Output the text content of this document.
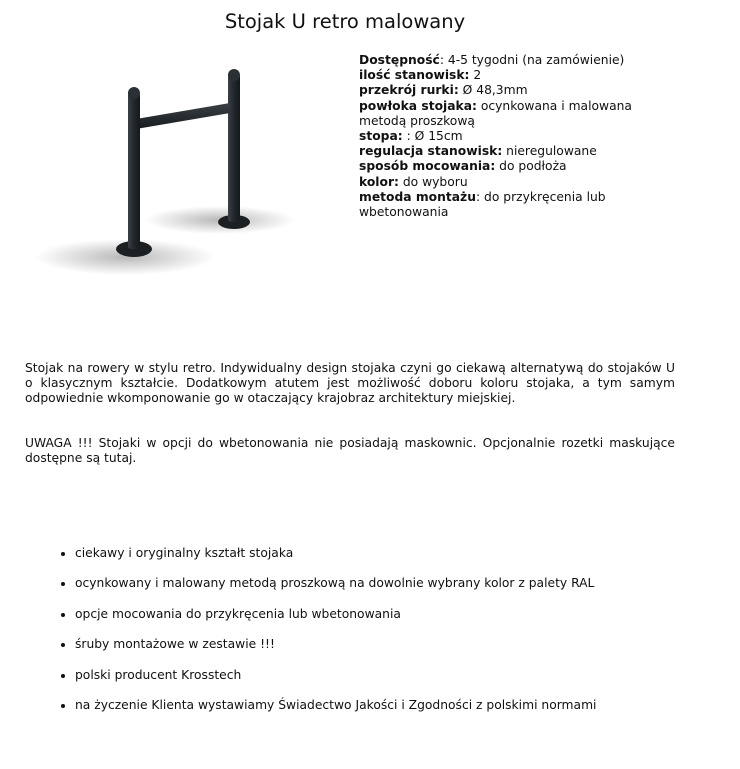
Stojak U retro malowany

Dostępność: 4-5 tygodni (na zamówienie)

ilość stanowisk: 2

przekrój rurki: Ø 48,3mm

powłoka stojaka: ocynkowana i malowana metodą proszkową

stopa: : Ø 15cm

regulacja stanowisk: nieregulowane

sposób mocowania: do podłoża

kolor: do wyboru

metoda montażu: do przykręcenia lub wbetonowania

Stojak na rowery w stylu retro. Indywidualny design stojaka czyni go ciekawą alternatywą do stojaków U o klasycznym kształcie. Dodatkowym atutem jest możliwość doboru koloru stojaka, a tym samym odpowiednie wkomponowanie go w otaczający krajobraz architektury miejskiej.

UWAGA !!! Stojaki w opcji do wbetonowania nie posiadają maskownic. Opcjonalnie rozetki maskujące dostępne są tutaj.

• ciekawy i oryginalny kształt stojaka
• ocynkowany i malowany metodą proszkową na dowolnie wybrany kolor z palety RAL
• opcje mocowania do przykręcenia lub wbetonowania
• śruby montażowe w zestawie !!!
• polski producent Krosstech
• na życzenie Klienta wystawiamy Świadectwo Jakości i Zgodności z polskimi normami
